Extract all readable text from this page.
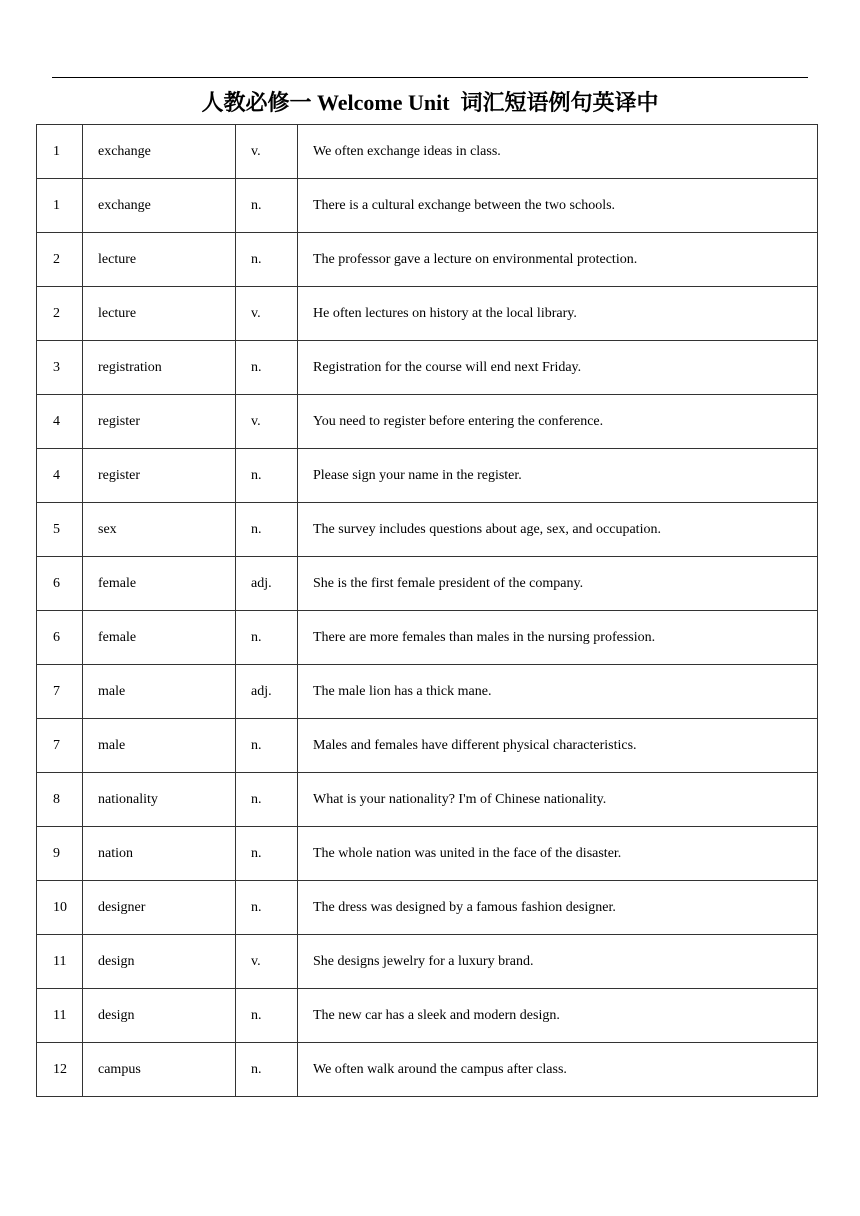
人教必修一 Welcome Unit  词汇短语例句英译中
1	exchange	v.	We often exchange ideas in class.
1	exchange	n.	There is a cultural exchange between the two schools.
2	lecture	n.	The professor gave a lecture on environmental protection.
2	lecture	v.	He often lectures on history at the local library.
3	registration	n.	Registration for the course will end next Friday.
4	register	v.	You need to register before entering the conference.
4	register	n.	Please sign your name in the register.
5	sex	n.	The survey includes questions about age, sex, and occupation.
6	female	adj.	She is the first female president of the company.
6	female	n.	There are more females than males in the nursing profession.
7	male	adj.	The male lion has a thick mane.
7	male	n.	Males and females have different physical characteristics.
8	nationality	n.	What is your nationality? I'm of Chinese nationality.
9	nation	n.	The whole nation was united in the face of the disaster.
10	designer	n.	The dress was designed by a famous fashion designer.
11	design	v.	She designs jewelry for a luxury brand.
11	design	n.	The new car has a sleek and modern design.
12	campus	n.	We often walk around the campus after class.
